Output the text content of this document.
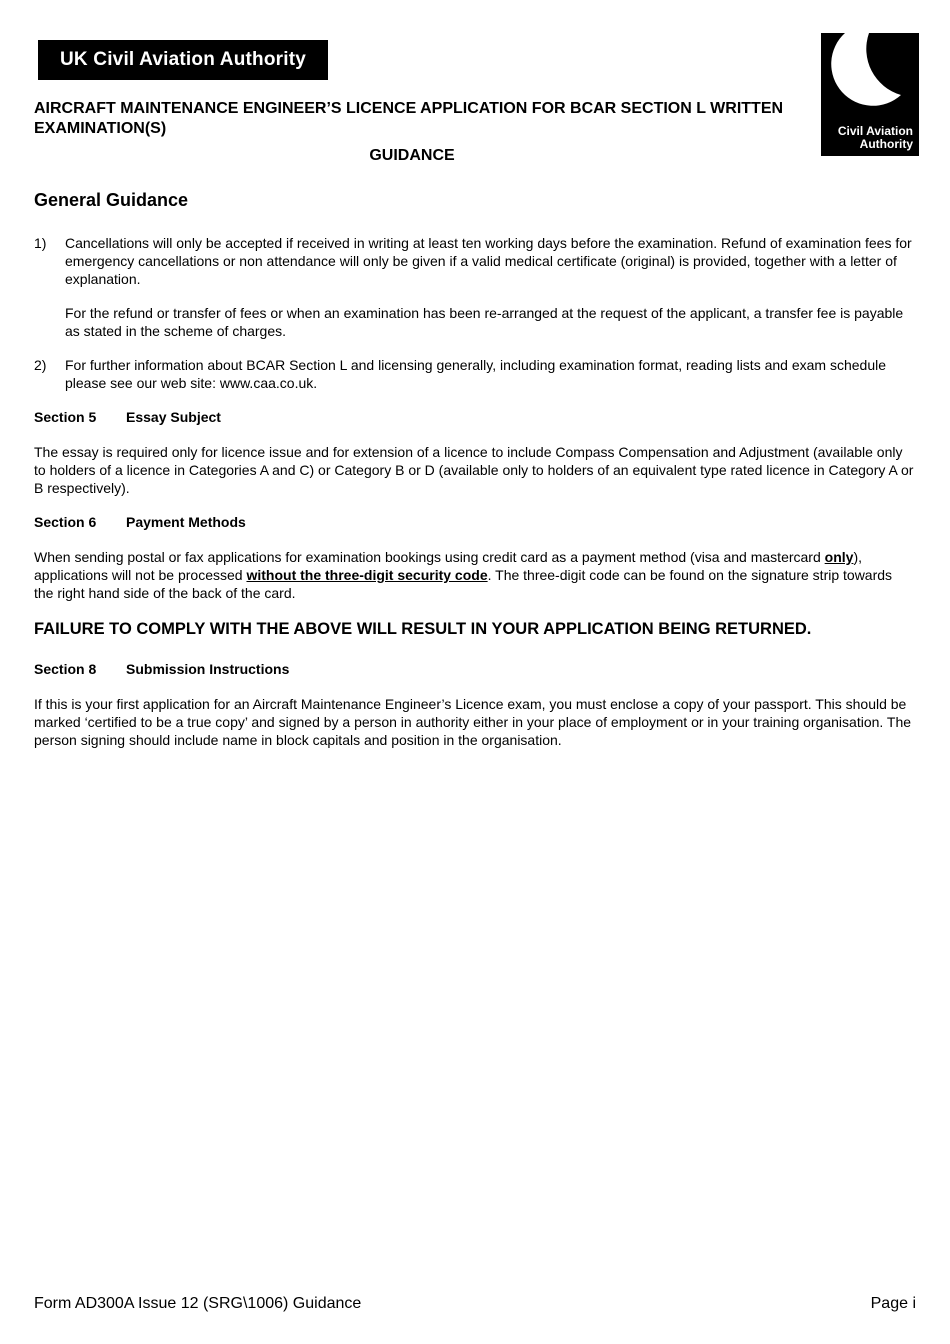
UK Civil Aviation Authority
Civil Aviation
Authority
AIRCRAFT MAINTENANCE ENGINEER’S LICENCE APPLICATION FOR BCAR SECTION L WRITTEN EXAMINATION(S)
GUIDANCE
General Guidance
1) Cancellations will only be accepted if received in writing at least ten working days before the examination. Refund of examination fees for emergency cancellations or non attendance will only be given if a valid medical certificate (original) is provided, together with a letter of explanation.

For the refund or transfer of fees or when an examination has been re-arranged at the request of the applicant, a transfer fee is payable as stated in the scheme of charges.

2) For further information about BCAR Section L and licensing generally, including examination format, reading lists and exam schedule please see our web site: www.caa.co.uk.

Section 5 Essay Subject

The essay is required only for licence issue and for extension of a licence to include Compass Compensation and Adjustment (available only to holders of a licence in Categories A and C) or Category B or D (available only to holders of an equivalent type rated licence in Category A or B respectively).

Section 6 Payment Methods

When sending postal or fax applications for examination bookings using credit card as a payment method (visa and mastercard only), applications will not be processed without the three-digit security code. The three-digit code can be found on the signature strip towards the right hand side of the back of the card.

FAILURE TO COMPLY WITH THE ABOVE WILL RESULT IN YOUR APPLICATION BEING RETURNED.
Section 8 Submission Instructions

If this is your first application for an Aircraft Maintenance Engineer’s Licence exam, you must enclose a copy of your passport. This should be marked ‘certified to be a true copy’ and signed by a person in authority either in your place of employment or in your training organisation. The person signing should include name in block capitals and position in the organisation.

Form AD300A Issue 12 (SRG\1006) Guidance	Page i
